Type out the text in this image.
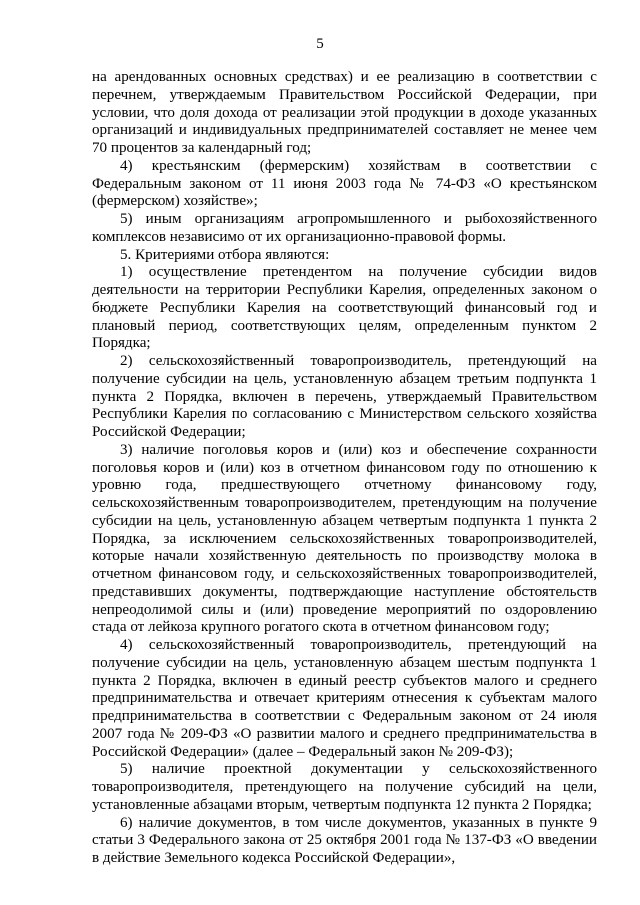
5

на арендованных основных средствах) и ее реализацию в соответствии с перечнем, утверждаемым Правительством Российской Федерации, при условии, что доля дохода от реализации этой продукции в доходе указанных организаций и индивидуальных предпринимателей составляет не менее чем 70 процентов за календарный год;

4) крестьянским (фермерским) хозяйствам в соответствии с Федеральным законом от 11 июня 2003 года № 74-ФЗ «О крестьянском (фермерском) хозяйстве»;

5) иным организациям агропромышленного и рыбохозяйственного комплексов независимо от их организационно-правовой формы.

5. Критериями отбора являются:

1) осуществление претендентом на получение субсидии видов деятельности на территории Республики Карелия, определенных законом о бюджете Республики Карелия на соответствующий финансовый год и плановый период, соответствующих целям, определенным пунктом 2 Порядка;

2) сельскохозяйственный товаропроизводитель, претендующий на получение субсидии на цель, установленную абзацем третьим подпункта 1 пункта 2 Порядка, включен в перечень, утверждаемый Правительством Республики Карелия по согласованию с Министерством сельского хозяйства Российской Федерации;

3) наличие поголовья коров и (или) коз и обеспечение сохранности поголовья коров и (или) коз в отчетном финансовом году по отношению к уровню года, предшествующего отчетному финансовому году, сельскохозяйственным товаропроизводителем, претендующим на получение субсидии на цель, установленную абзацем четвертым подпункта 1 пункта 2 Порядка, за исключением сельскохозяйственных товаропроизводителей, которые начали хозяйственную деятельность по производству молока в отчетном финансовом году, и сельскохозяйственных товаропроизводителей, представивших документы, подтверждающие наступление обстоятельств непреодолимой силы и (или) проведение мероприятий по оздоровлению стада от лейкоза крупного рогатого скота в отчетном финансовом году;

4) сельскохозяйственный товаропроизводитель, претендующий на получение субсидии на цель, установленную абзацем шестым подпункта 1 пункта 2 Порядка, включен в единый реестр субъектов малого и среднего предпринимательства и отвечает критериям отнесения к субъектам малого предпринимательства в соответствии с Федеральным законом от 24 июля 2007 года № 209-ФЗ «О развитии малого и среднего предпринимательства в Российской Федерации» (далее – Федеральный закон № 209-ФЗ);

5) наличие проектной документации у сельскохозяйственного товаропроизводителя, претендующего на получение субсидий на цели, установленные абзацами вторым, четвертым подпункта 12 пункта 2 Порядка;

6) наличие документов, в том числе документов, указанных в пункте 9 статьи 3 Федерального закона от 25 октября 2001 года № 137-ФЗ «О введении в действие Земельного кодекса Российской Федерации»,
